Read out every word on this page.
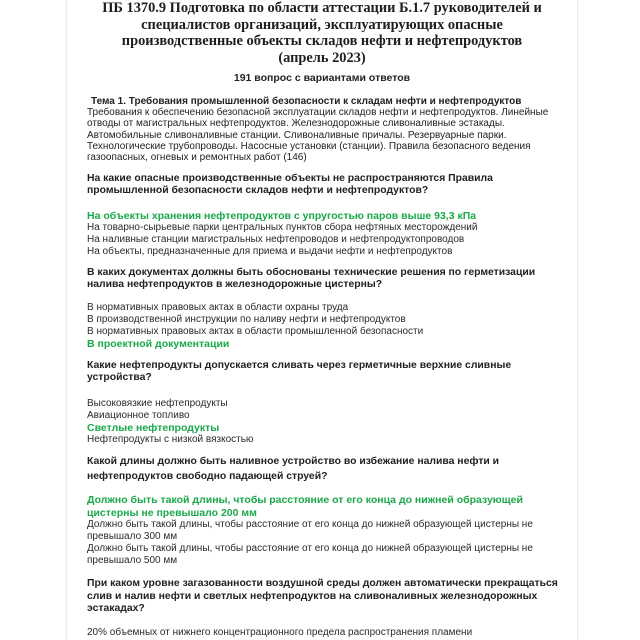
ПБ 1370.9 Подготовка по области аттестации Б.1.7 руководителей и
специалистов организаций, эксплуатирующих опасные
производственные объекты складов нефти и нефтепродуктов
(апрель 2023)
191 вопрос с вариантами ответов
Тема 1. Требования промышленной безопасности к складам нефти и нефтепродуктов
Требования к обеспечению безопасной эксплуатации складов нефти и нефтепродуктов. Линейные отводы от магистральных нефтепродуктов. Железнодорожные сливоналивные эстакады. Автомобильные сливоналивные станции. Сливоналивные причалы. Резервуарные парки. Технологические трубопроводы. Насосные установки (станции). Правила безопасного ведения газоопасных, огневых и ремонтных работ (146)
На какие опасные производственные объекты не распространяются Правила промышленной безопасности складов нефти и нефтепродуктов?
На объекты хранения нефтепродуктов с упругостью паров выше 93,3 кПа
На товарно-сырьевые парки центральных пунктов сбора нефтяных месторождений
На наливные станции магистральных нефтепроводов и нефтепродуктопроводов
На объекты, предназначенные для приема и выдачи нефти и нефтепродуктов
В каких документах должны быть обоснованы технические решения по герметизации налива нефтепродуктов в железнодорожные цистерны?
В нормативных правовых актах в области охраны труда
В производственной инструкции по наливу нефти и нефтепродуктов
В нормативных правовых актах в области промышленной безопасности
В проектной документации
Какие нефтепродукты допускается сливать через герметичные верхние сливные устройства?
Высоковязкие нефтепродукты
Авиационное топливо
Светлые нефтепродукты
Нефтепродукты с низкой вязкостью
Какой длины должно быть наливное устройство во избежание налива нефти и нефтепродуктов свободно падающей струей?
Должно быть такой длины, чтобы расстояние от его конца до нижней образующей цистерны не превышало 200 мм
Должно быть такой длины, чтобы расстояние от его конца до нижней образующей цистерны не превышало 300 мм
Должно быть такой длины, чтобы расстояние от его конца до нижней образующей цистерны не превышало 500 мм
При каком уровне загазованности воздушной среды должен автоматически прекращаться слив и налив нефти и светлых нефтепродуктов на сливоналивных железнодорожных эстакадах?
20% объемных от нижнего концентрационного предела распространения пламени
